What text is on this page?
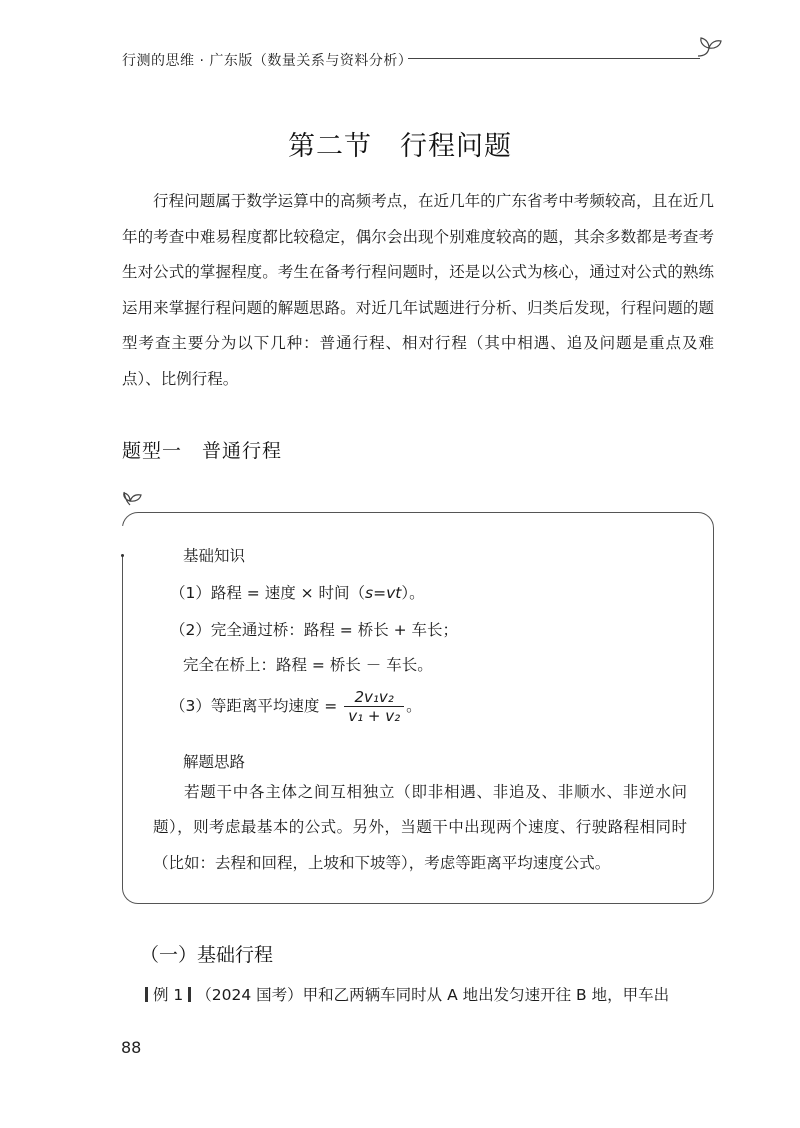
行测的思维 · 广东版（数量关系与资料分析）
第二节　行程问题

行程问题属于数学运算中的高频考点，在近几年的广东省考中考频较高，且在近几年的考查中难易程度都比较稳定，偶尔会出现个别难度较高的题，其余多数都是考查考生对公式的掌握程度。考生在备考行程问题时，还是以公式为核心，通过对公式的熟练运用来掌握行程问题的解题思路。对近几年试题进行分析、归类后发现，行程问题的题型考查主要分为以下几种：普通行程、相对行程（其中相遇、追及问题是重点及难点）、比例行程。

题型一　普通行程
基础知识
（1）路程 = 速度 × 时间（s=vt）。
（2）完全通过桥：路程 = 桥长 + 车长；
完全在桥上：路程 = 桥长 － 车长。
（3）等距离平均速度 = $\frac{\text{2v₁v₂}}{\text{v₁ + v₂}}$ 。
解题思路

若题干中各主体之间互相独立（即非相遇、非追及、非顺水、非逆水问题），则考虑最基本的公式。另外，当题干中出现两个速度、行驶路程相同时（比如：去程和回程，上坡和下坡等），考虑等距离平均速度公式。

（一）基础行程
例 1 （2024 国考）甲和乙两辆车同时从 A 地出发匀速开往 B 地，甲车出
88
